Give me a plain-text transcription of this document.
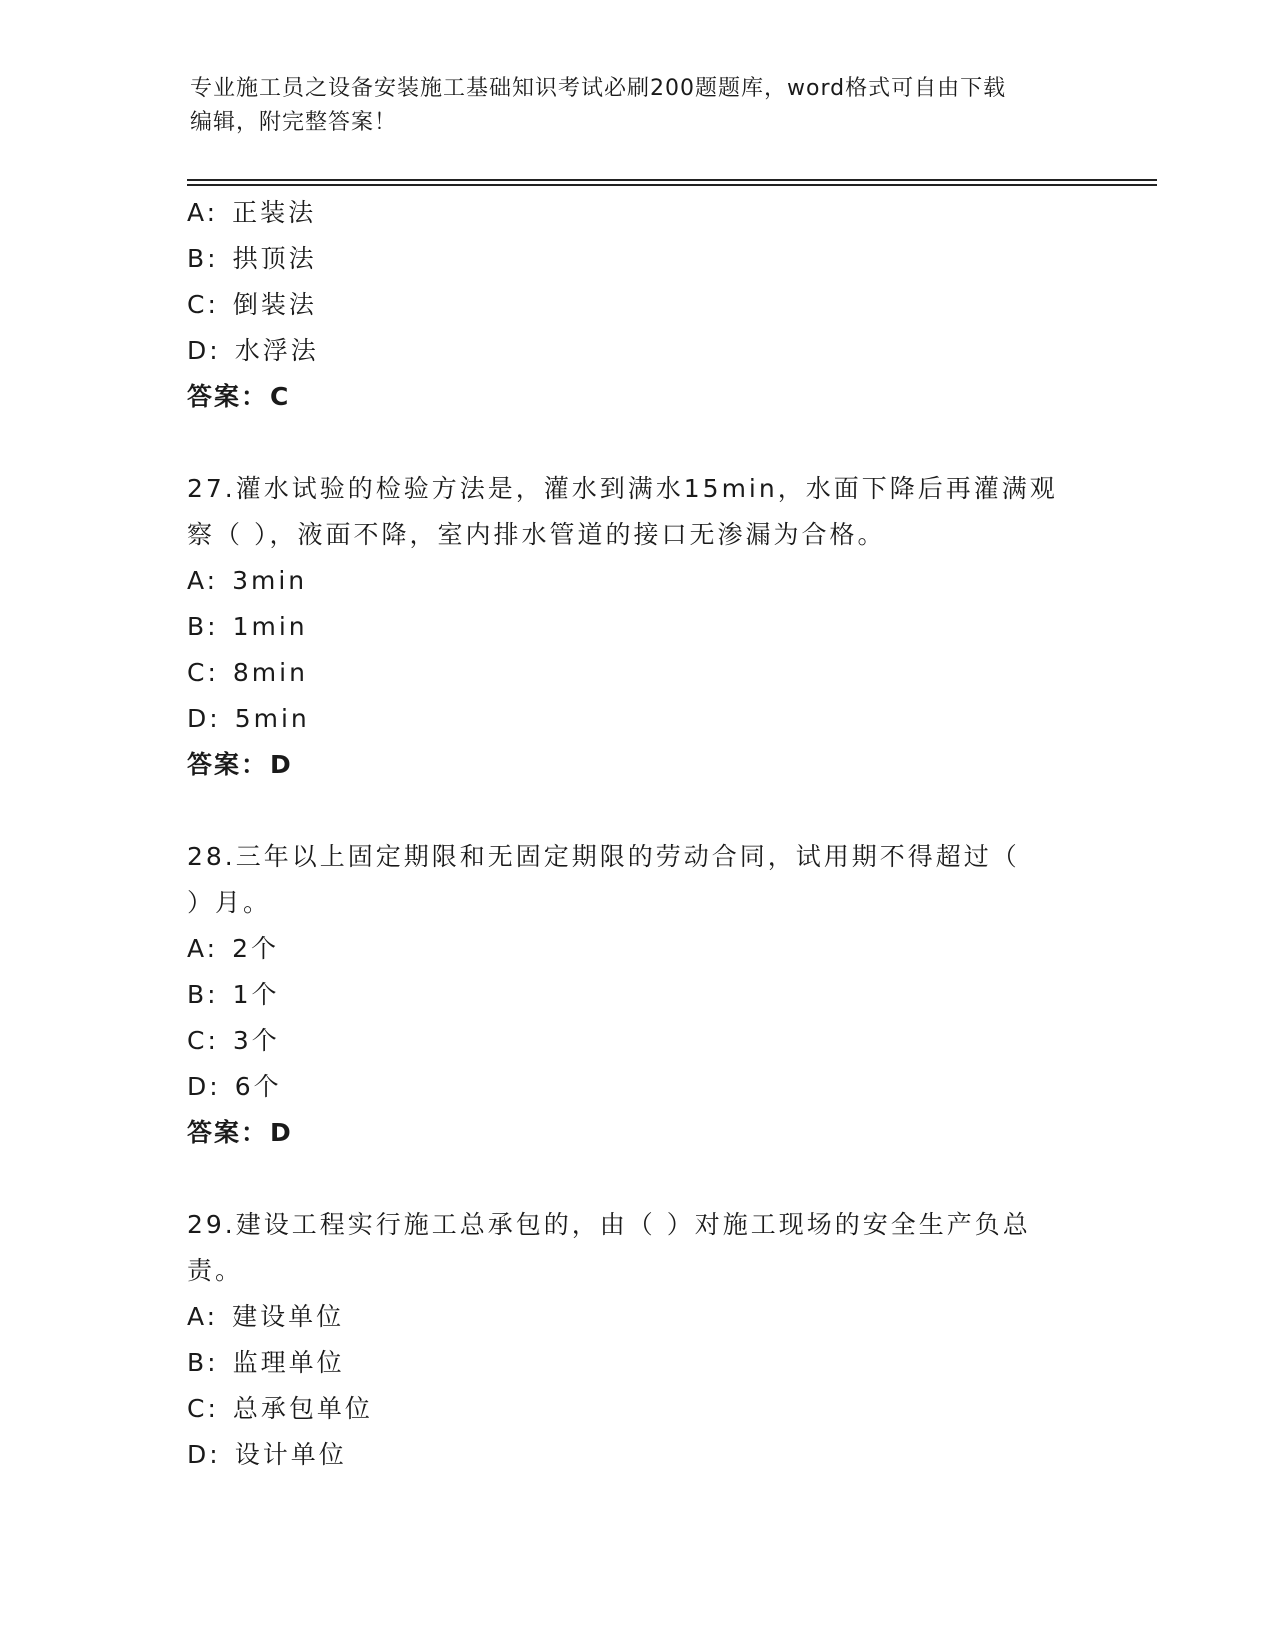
专业施工员之设备安装施工基础知识考试必刷200题题库，word格式可自由下载
编辑，附完整答案！
A: 正装法
B: 拱顶法
C: 倒装法
D: 水浮法
答案：C
27.灌水试验的检验方法是，灌水到满水15min，水面下降后再灌满观
察（ ），液面不降，室内排水管道的接口无渗漏为合格。
A: 3min
B: 1min
C: 8min
D: 5min
答案：D
28.三年以上固定期限和无固定期限的劳动合同，试用期不得超过（
）月。
A: 2个
B: 1个
C: 3个
D: 6个
答案：D
29.建设工程实行施工总承包的，由（ ）对施工现场的安全生产负总
责。
A: 建设单位
B: 监理单位
C: 总承包单位
D: 设计单位
